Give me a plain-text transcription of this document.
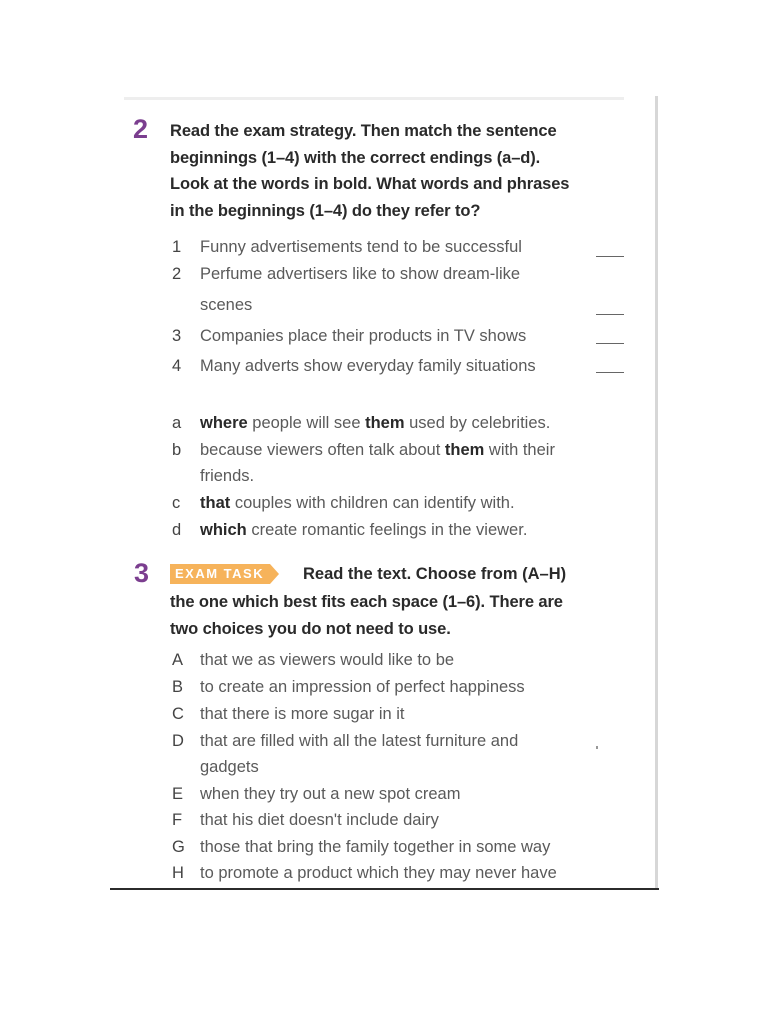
2 Read the exam strategy. Then match the sentence
beginnings (1–4) with the correct endings (a–d).
Look at the words in bold. What words and phrases
in the beginnings (1–4) do they refer to?
1 Funny advertisements tend to be successful
2 Perfume advertisers like to show dream-like
scenes
3 Companies place their products in TV shows
4 Many adverts show everyday family situations
a where people will see them used by celebrities.
b because viewers often talk about them with their
friends.
c that couples with children can identify with.
d which create romantic feelings in the viewer.
3	EXAM TASK	Read the text. Choose from (A–H)
the one which best fits each space (1–6). There are
two choices you do not need to use.
A that we as viewers would like to be
B to create an impression of perfect happiness
C that there is more sugar in it
D that are filled with all the latest furniture and
gadgets
E when they try out a new spot cream
F that his diet doesn't include dairy
G those that bring the family together in some way
H to promote a product which they may never have
